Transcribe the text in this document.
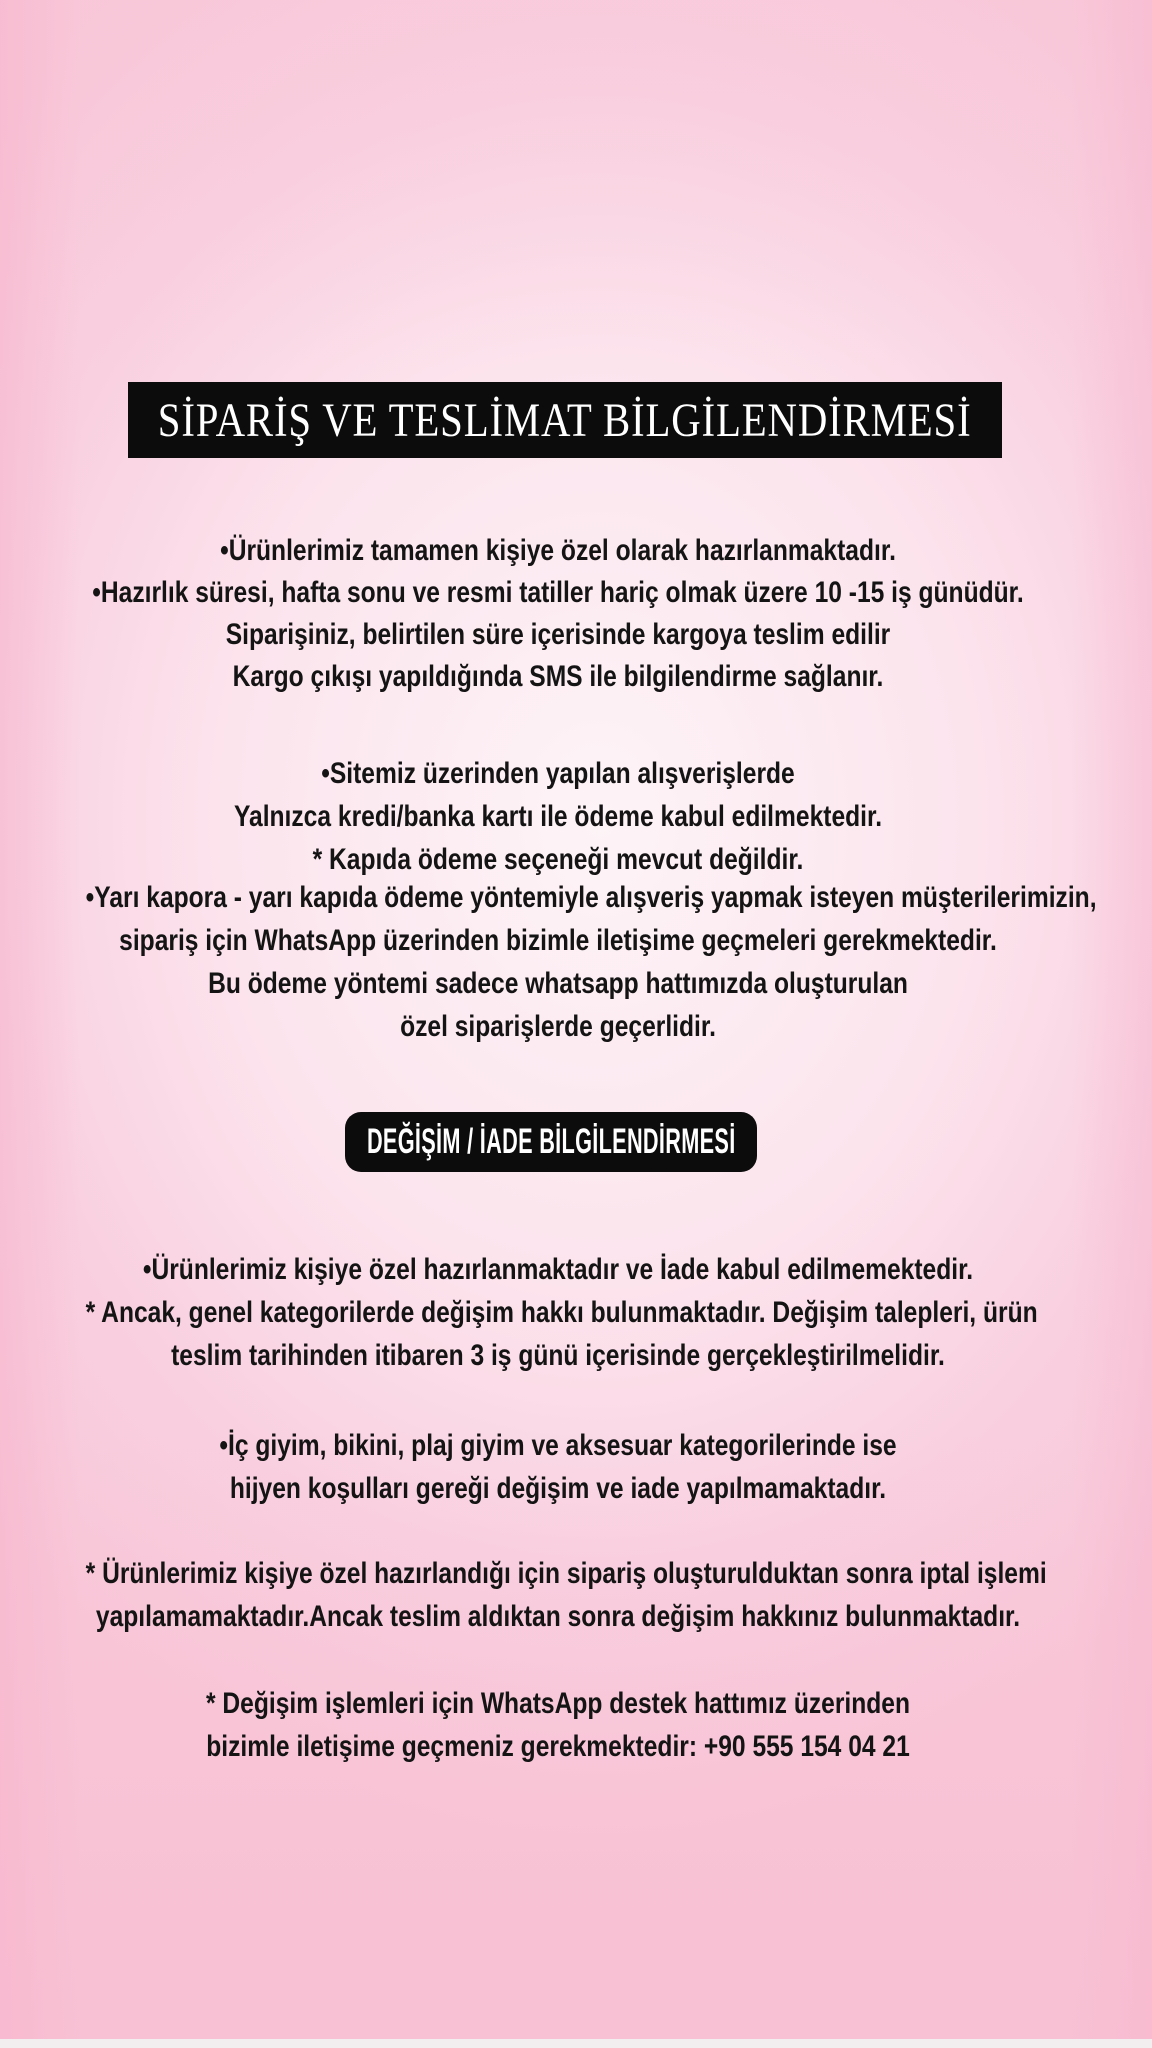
SİPARİŞ VE TESLİMAT BİLGİLENDİRMESİ
•Ürünlerimiz tamamen kişiye özel olarak hazırlanmaktadır.
•Hazırlık süresi, hafta sonu ve resmi tatiller hariç olmak üzere 10 -15 iş günüdür.
Siparişiniz, belirtilen süre içerisinde kargoya teslim edilir
Kargo çıkışı yapıldığında SMS ile bilgilendirme sağlanır.
•Sitemiz üzerinden yapılan alışverişlerde
Yalnızca kredi/banka kartı ile ödeme kabul edilmektedir.
* Kapıda ödeme seçeneği mevcut değildir.
•Yarı kapora - yarı kapıda ödeme yöntemiyle alışveriş yapmak isteyen müşterilerimizin,
sipariş için WhatsApp üzerinden bizimle iletişime geçmeleri gerekmektedir.
Bu ödeme yöntemi sadece whatsapp hattımızda oluşturulan
özel siparişlerde geçerlidir.
DEĞİŞİM / İADE BİLGİLENDİRMESİ
•Ürünlerimiz kişiye özel hazırlanmaktadır ve İade kabul edilmemektedir.
* Ancak, genel kategorilerde değişim hakkı bulunmaktadır. Değişim talepleri, ürün
teslim tarihinden itibaren 3 iş günü içerisinde gerçekleştirilmelidir.
•İç giyim, bikini, plaj giyim ve aksesuar kategorilerinde ise
hijyen koşulları gereği değişim ve iade yapılmamaktadır.
* Ürünlerimiz kişiye özel hazırlandığı için sipariş oluşturulduktan sonra iptal işlemi
yapılamamaktadır.Ancak teslim aldıktan sonra değişim hakkınız bulunmaktadır.
* Değişim işlemleri için WhatsApp destek hattımız üzerinden
bizimle iletişime geçmeniz gerekmektedir: +90 555 154 04 21
